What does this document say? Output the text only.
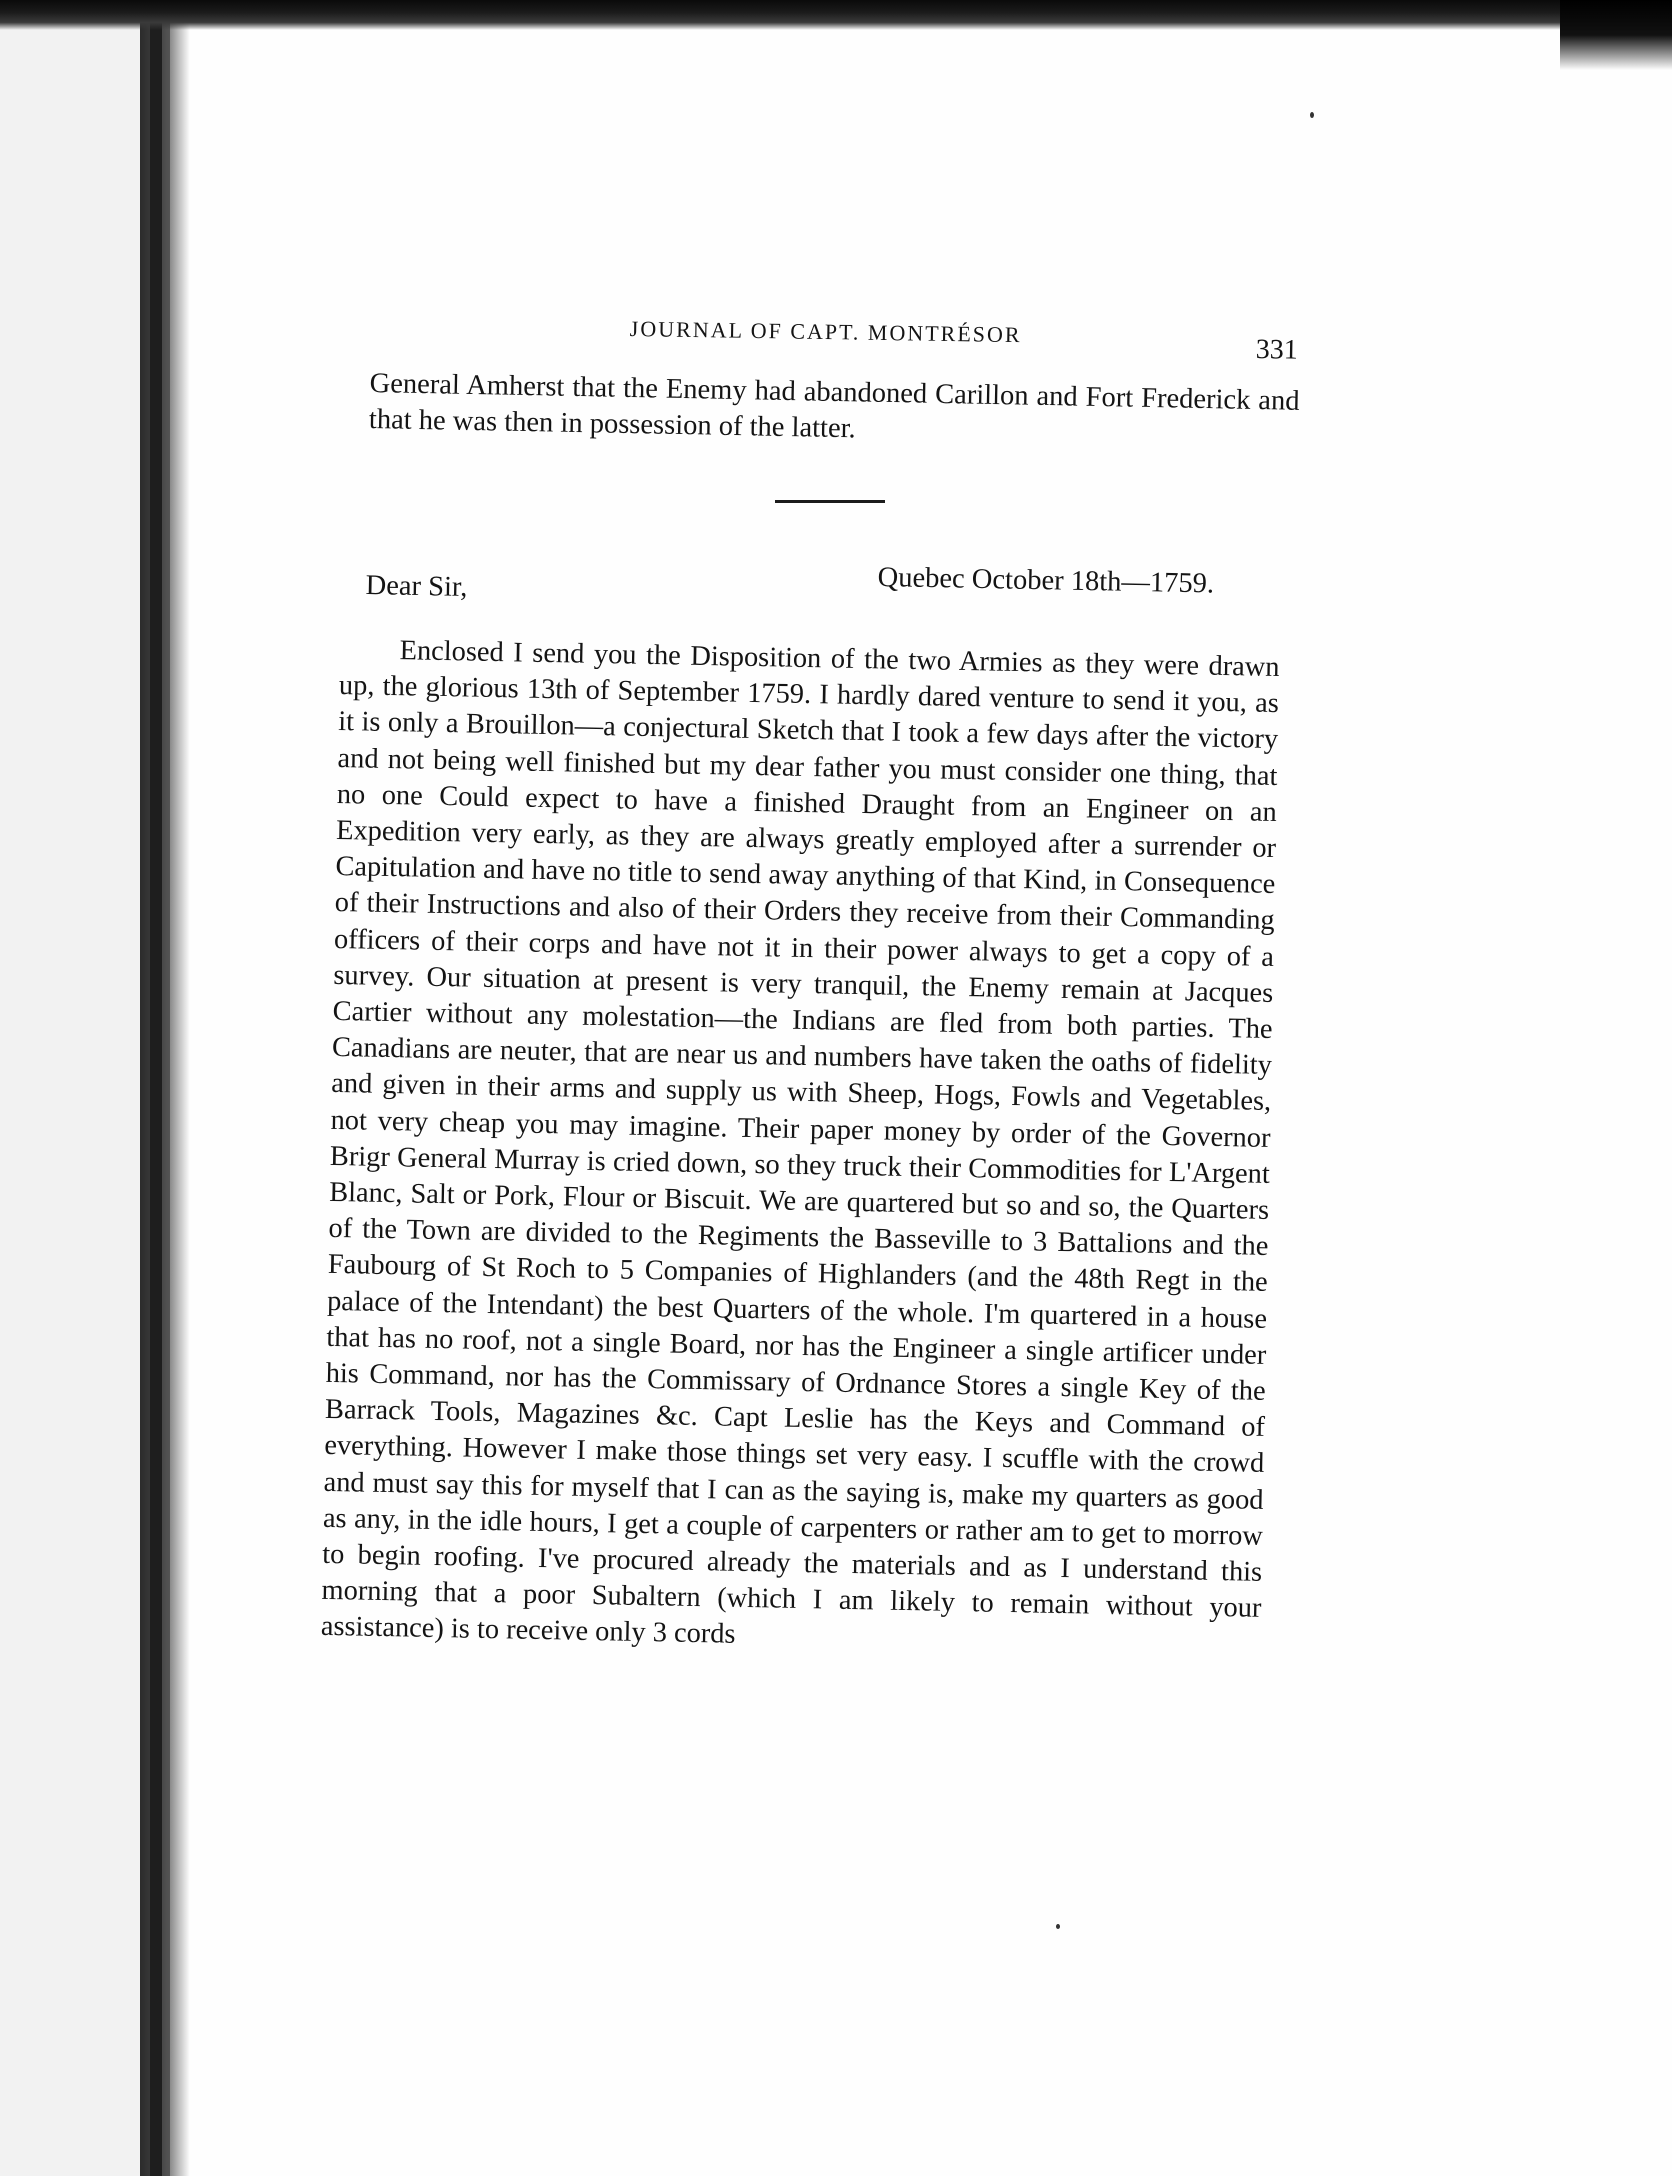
JOURNAL OF CAPT. MONTRÉSOR
331

General Amherst that the Enemy had abandoned Carillon and Fort Frederick and that he was then in possession of the latter.

Dear Sir,	Quebec October 18th—1759.

Enclosed I send you the Disposition of the two Armies as they were drawn up, the glorious 13th of September 1759. I hardly dared venture to send it you, as it is only a Brouillon—a conjectural Sketch that I took a few days after the victory and not being well finished but my dear father you must consider one thing, that no one Could expect to have a finished Draught from an Engineer on an Expedition very early, as they are always greatly employed after a surrender or Capitulation and have no title to send away anything of that Kind, in Consequence of their Instructions and also of their Orders they receive from their Commanding officers of their corps and have not it in their power always to get a copy of a survey. Our situation at present is very tranquil, the Enemy remain at Jacques Cartier without any molestation—the Indians are fled from both parties. The Canadians are neuter, that are near us and numbers have taken the oaths of fidelity and given in their arms and supply us with Sheep, Hogs, Fowls and Vegetables, not very cheap you may imagine. Their paper money by order of the Governor Brigr General Murray is cried down, so they truck their Commodities for L'Argent Blanc, Salt or Pork, Flour or Biscuit. We are quartered but so and so, the Quarters of the Town are divided to the Regiments the Basseville to 3 Battalions and the Faubourg of St Roch to 5 Companies of Highlanders (and the 48th Regt in the palace of the Intendant) the best Quarters of the whole. I'm quartered in a house that has no roof, not a single Board, nor has the Engineer a single artificer under his Command, nor has the Commissary of Ordnance Stores a single Key of the Barrack Tools, Magazines &c. Capt Leslie has the Keys and Command of everything. However I make those things set very easy. I scuffle with the crowd and must say this for myself that I can as the saying is, make my quarters as good as any, in the idle hours, I get a couple of carpenters or rather am to get to morrow to begin roofing. I've procured already the materials and as I understand this morning that a poor Subaltern (which I am likely to remain without your assistance) is to receive only 3 cords
